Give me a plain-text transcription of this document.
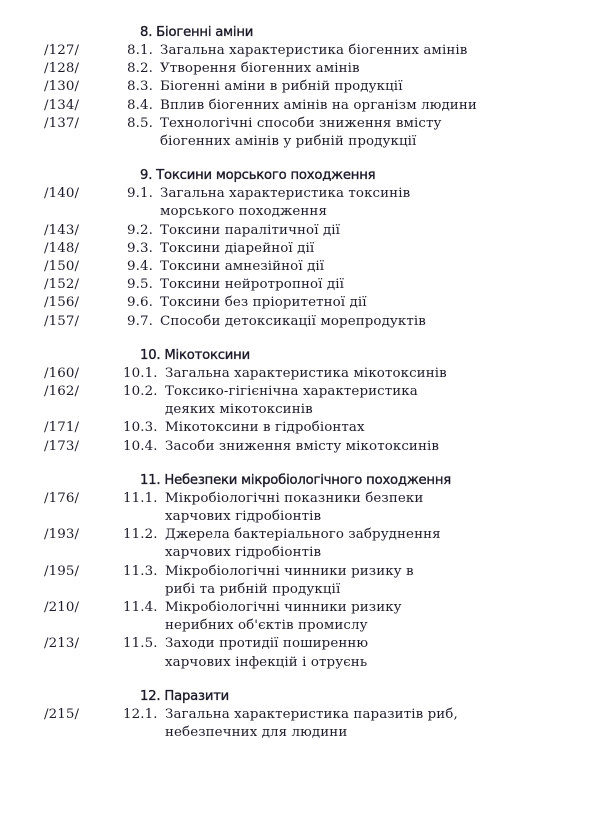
8. Біогенні аміни
/127/	8.1. Загальна характеристика біогенних амінів
/128/	8.2. Утворення біогенних амінів
/130/	8.3. Біогенні аміни в рибній продукції
/134/	8.4. Вплив біогенних амінів на організм людини
/137/	8.5. Технологічні способи зниження вмісту біогенних амінів у рибній продукції
9. Токсини морського походження
/140/	9.1. Загальна характеристика токсинів морського походження
/143/	9.2. Токсини паралітичної дії
/148/	9.3. Токсини діарейної дії
/150/	9.4. Токсини амнезійної дії
/152/	9.5. Токсини нейротропної дії
/156/	9.6. Токсини без пріоритетної дії
/157/	9.7. Способи детоксикації морепродуктів
10. Мікотоксини
/160/	10.1. Загальна характеристика мікотоксинів
/162/	10.2. Токсико-гігієнічна характеристика деяких мікотоксинів
/171/	10.3. Мікотоксини в гідробіонтах
/173/	10.4. Засоби зниження вмісту мікотоксинів
11. Небезпеки мікробіологічного походження
/176/	11.1. Мікробіологічні показники безпеки харчових гідробіонтів
/193/	11.2. Джерела бактеріального забруднення харчових гідробіонтів
/195/	11.3. Мікробіологічні чинники ризику в рибі та рибній продукції
/210/	11.4. Мікробіологічні чинники ризику нерибних об'єктів промислу
/213/	11.5. Заходи протидії поширенню харчових інфекцій і отруєнь
12. Паразити
/215/	12.1. Загальна характеристика паразитів риб, небезпечних для людини
